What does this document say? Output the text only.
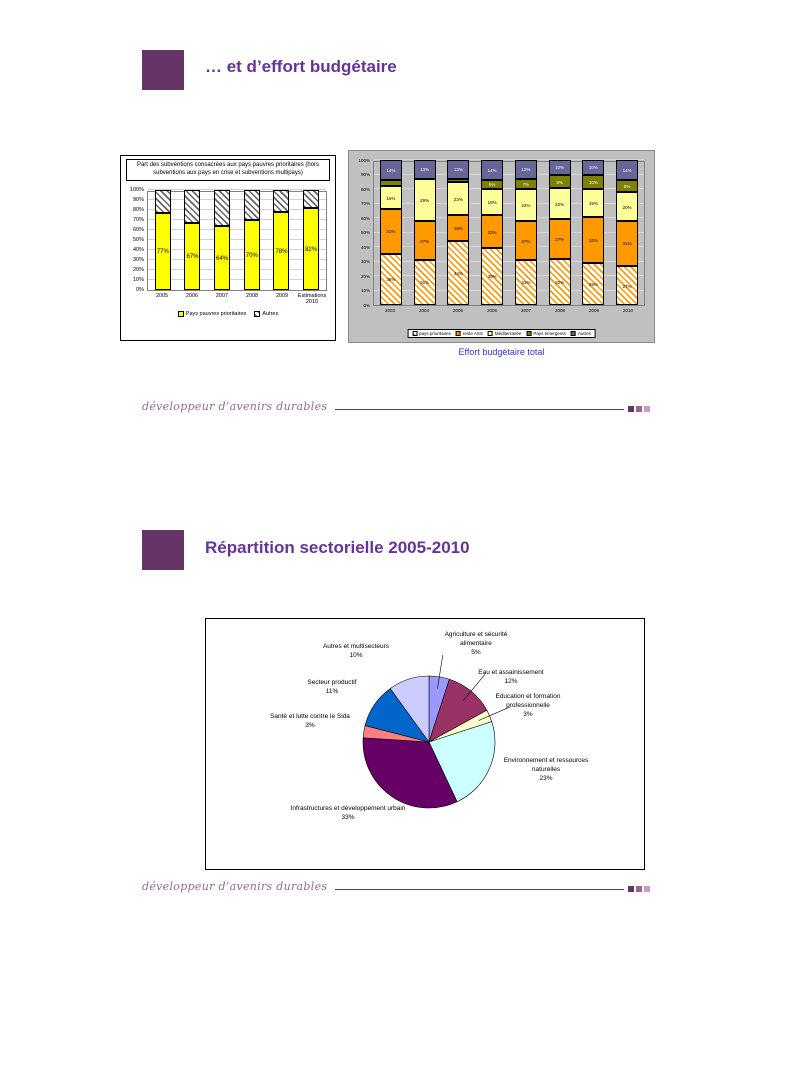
… et d’effort budgétaire
Part des subventions consacrées aux pays pauvres prioritaires (hors subventions aux pays en crise et subventions multipays)
0%
10%
20%
30%
40%
50%
60%
70%
80%
90%
100%
77%
67%	64%	70%
78%	82%
2005	2006	2007	2008	2009	Estimations 2010
Pays pauvres prioritaires	Autres
0%
10%
20%
30%
40%
50%
60%
70%
80%
90%
100%
35%
31%
16%
14%
31%
27%
29%
13%
44%
18%
23%
13%
39%
23%
18%
6%
14%
31%
27%
22%
7%
13%
32%
27%
22%
9%
10%
29%
32%
19%
10%
10%
27%
31%
20%
8%
14%
2003	2004	2005	2006	2007	2008	2009	2010
pays prioritaires	reste ASS	Méditerranée	Pays émergents	Autres
Effort budgétaire total
développeur d’avenirs durables
Répartition sectorielle 2005-2010
Agriculture et sécurité alimentaire
5%
Eau et assainissement
12%
Education et formation professionnelle
3%
Environnement et ressources naturelles
23%
Infrastructures et développement urbain
33%
Santé et lutte contre le Sida
3%
Secteur productif
11%
Autres et multisecteurs
10%
développeur d’avenirs durables
